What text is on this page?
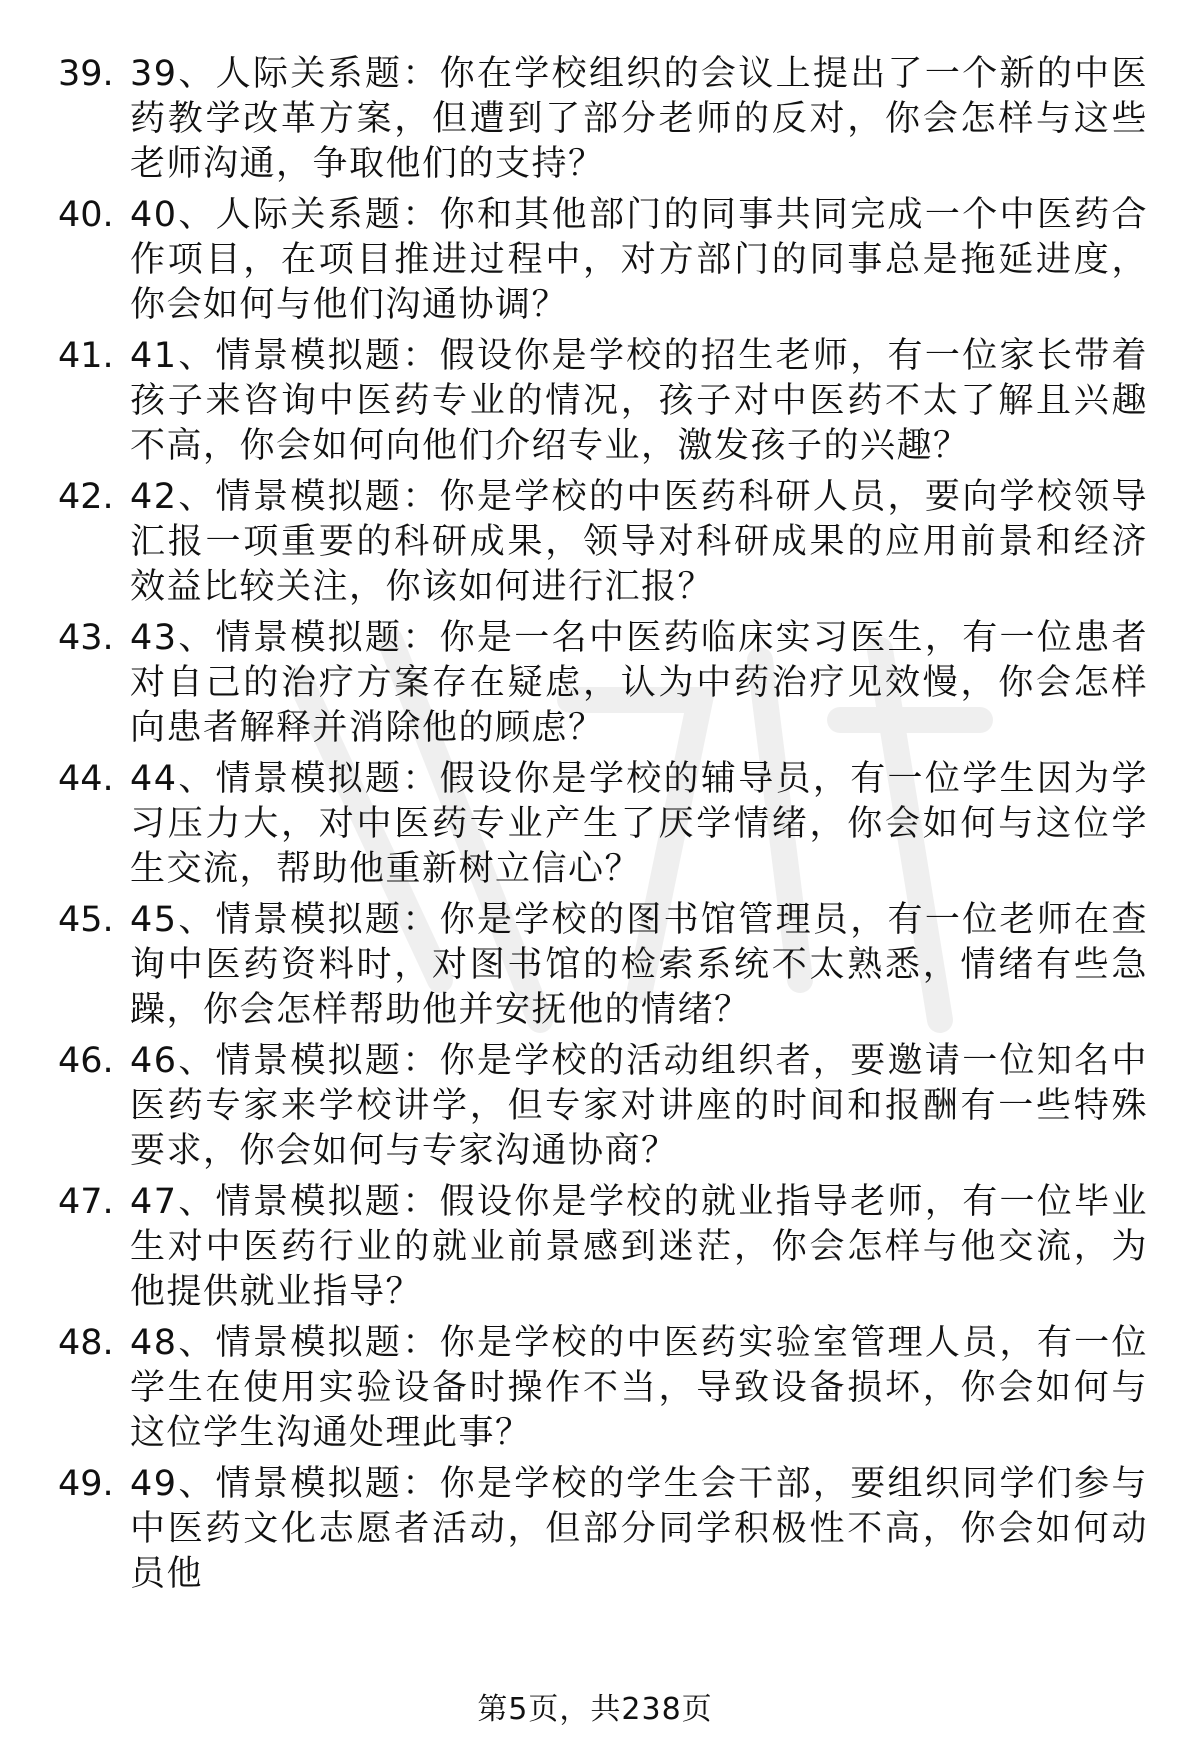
39. 39、人际关系题：你在学校组织的会议上提出了一个新的中医药教学改革方案，但遭到了部分老师的反对，你会怎样与这些老师沟通，争取他们的支持？
40. 40、人际关系题：你和其他部门的同事共同完成一个中医药合作项目，在项目推进过程中，对方部门的同事总是拖延进度，你会如何与他们沟通协调？
41. 41、情景模拟题：假设你是学校的招生老师，有一位家长带着孩子来咨询中医药专业的情况，孩子对中医药不太了解且兴趣不高，你会如何向他们介绍专业，激发孩子的兴趣？
42. 42、情景模拟题：你是学校的中医药科研人员，要向学校领导汇报一项重要的科研成果，领导对科研成果的应用前景和经济效益比较关注，你该如何进行汇报？
43. 43、情景模拟题：你是一名中医药临床实习医生，有一位患者对自己的治疗方案存在疑虑，认为中药治疗见效慢，你会怎样向患者解释并消除他的顾虑？
44. 44、情景模拟题：假设你是学校的辅导员，有一位学生因为学习压力大，对中医药专业产生了厌学情绪，你会如何与这位学生交流，帮助他重新树立信心？
45. 45、情景模拟题：你是学校的图书馆管理员，有一位老师在查询中医药资料时，对图书馆的检索系统不太熟悉，情绪有些急躁，你会怎样帮助他并安抚他的情绪？
46. 46、情景模拟题：你是学校的活动组织者，要邀请一位知名中医药专家来学校讲学，但专家对讲座的时间和报酬有一些特殊要求，你会如何与专家沟通协商？
47. 47、情景模拟题：假设你是学校的就业指导老师，有一位毕业生对中医药行业的就业前景感到迷茫，你会怎样与他交流，为他提供就业指导？
48. 48、情景模拟题：你是学校的中医药实验室管理人员，有一位学生在使用实验设备时操作不当，导致设备损坏，你会如何与这位学生沟通处理此事？
49. 49、情景模拟题：你是学校的学生会干部，要组织同学们参与中医药文化志愿者活动，但部分同学积极性不高，你会如何动员他
第5页，共238页
